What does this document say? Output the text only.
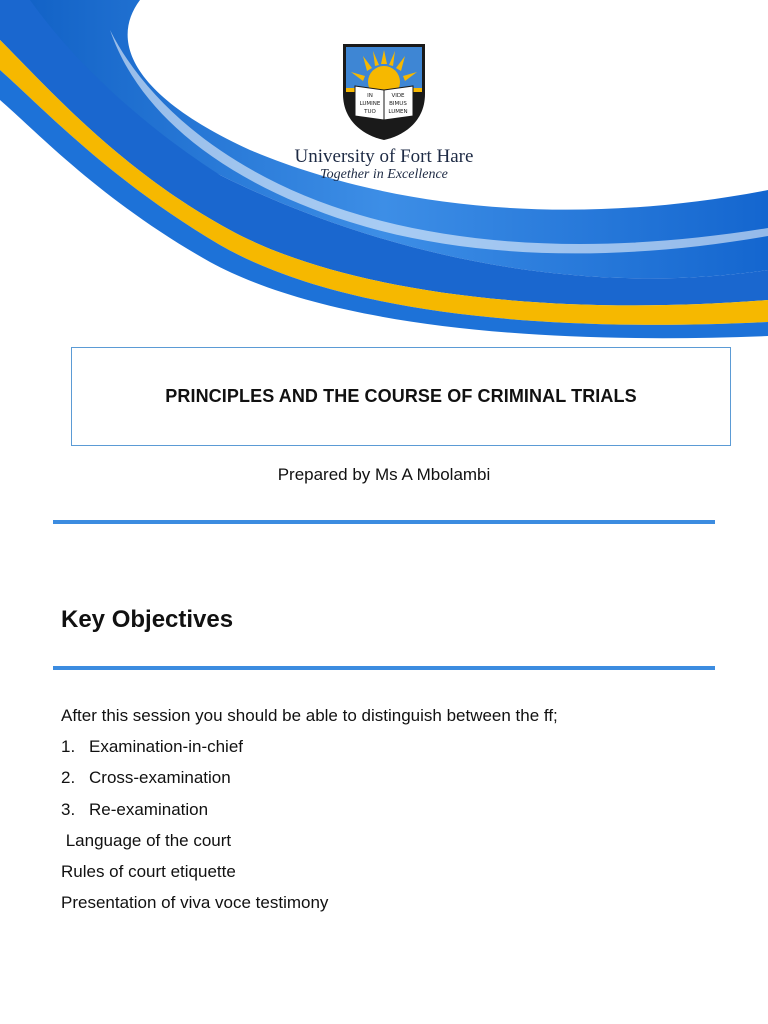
IN
LUMINE
TUO
VIDE
BIMUS
LUMEN
University of Fort Hare
Together in Excellence
PRINCIPLES AND THE COURSE OF CRIMINAL TRIALS
Prepared by Ms A Mbolambi
Key Objectives
After this session you should be able to distinguish between the ff;
1. Examination-in-chief
2. Cross-examination
3. Re-examination
Language of the court
Rules of court etiquette
Presentation of viva voce testimony
